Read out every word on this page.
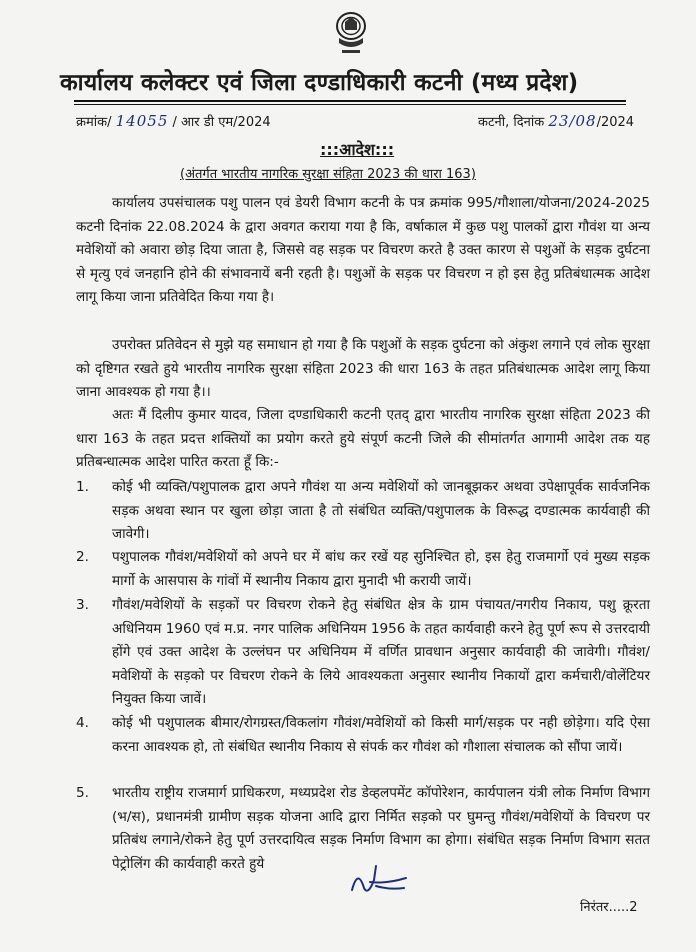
कार्यालय कलेक्टर एवं जिला दण्डाधिकारी कटनी (मध्य प्रदेश)
क्रमांक/ 14055 / आर डी एम/2024	कटनी, दिनांक 23/08/2024
:::आदेश:::
(अंतर्गत भारतीय नागरिक सुरक्षा संहिता 2023 की धारा 163)

कार्यालय उपसंचालक पशु पालन एवं डेयरी विभाग कटनी के पत्र क्रमांक 995/गौशाला/योजना/2024-2025 कटनी दिनांक 22.08.2024 के द्वारा अवगत कराया गया है कि, वर्षाकाल में कुछ पशु पालकों द्वारा गौवंश या अन्य मवेशियों को अवारा छोड़ दिया जाता है, जिससे वह सड़क पर विचरण करते है उक्त कारण से पशुओं के सड़क दुर्घटना से मृत्यु एवं जनहानि होने की संभावनायें बनी रहती है। पशुओं के सड़क पर विचरण न हो इस हेतु प्रतिबंधात्मक आदेश लागू किया जाना प्रतिवेदित किया गया है।

उपरोक्त प्रतिवेदन से मुझे यह समाधान हो गया है कि पशुओं के सड़क दुर्घटना को अंकुश लगाने एवं लोक सुरक्षा को दृष्टिगत रखते हुये भारतीय नागरिक सुरक्षा संहिता 2023 की धारा 163 के तहत प्रतिबंधात्मक आदेश लागू किया जाना आवश्यक हो गया है।।

अतः मैं दिलीप कुमार यादव, जिला दण्डाधिकारी कटनी एतद् द्वारा भारतीय नागरिक सुरक्षा संहिता 2023 की धारा 163 के तहत प्रदत्त शक्तियों का प्रयोग करते हुये संपूर्ण कटनी जिले की सीमांतर्गत आगामी आदेश तक यह प्रतिबन्धात्मक आदेश पारित करता हूँ कि:-

1.	कोई भी व्यक्ति/पशुपालक द्वारा अपने गौवंश या अन्य मवेशियों को जानबूझकर अथवा उपेक्षापूर्वक सार्वजनिक सड़क अथवा स्थान पर खुला छोड़ा जाता है तो संबंधित व्यक्ति/पशुपालक के विरूद्ध दण्डात्मक कार्यवाही की जावेगी।
2.	पशुपालक गौवंश/मवेशियों को अपने घर में बांध कर रखें यह सुनिश्चित हो, इस हेतु राजमार्गो एवं मुख्य सड़क मार्गो के आसपास के गांवों में स्थानीय निकाय द्वारा मुनादी भी करायी जायें।
3.	गौवंश/मवेशियों के सड़कों पर विचरण रोकने हेतु संबंधित क्षेत्र के ग्राम पंचायत/नगरीय निकाय, पशु क्रूरता अधिनियम 1960 एवं म.प्र. नगर पालिक अधिनियम 1956 के तहत कार्यवाही करने हेतु पूर्ण रूप से उत्तरदायी होंगे एवं उक्त आदेश के उल्लंघन पर अधिनियम में वर्णित प्रावधान अनुसार कार्यवाही की जावेगी। गौवंश/मवेशियों के सड़को पर विचरण रोकने के लिये आवश्यकता अनुसार स्थानीय निकायों द्वारा कर्मचारी/वोलेंटियर नियुक्त किया जावें।
4.	कोई भी पशुपालक बीमार/रोगग्रस्त/विकलांग गौवंश/मवेशियों को किसी मार्ग/सड़क पर नही छोड़ेगा। यदि ऐसा करना आवश्यक हो, तो संबंधित स्थानीय निकाय से संपर्क कर गौवंश को गौशाला संचालक को सौंपा जायें।
5.	भारतीय राष्ट्रीय राजमार्ग प्राधिकरण, मध्यप्रदेश रोड डेव्हलपमेंट कॉपोरेशन, कार्यपालन यंत्री लोक निर्माण विभाग (भ/स), प्रधानमंत्री ग्रामीण सड़क योजना आदि द्वारा निर्मित सड़को पर घुमन्तु गौवंश/मवेशियों के विचरण पर प्रतिबंध लगाने/रोकने हेतु पूर्ण उत्तरदायित्व सड़क निर्माण विभाग का होगा। संबंधित सड़क निर्माण विभाग सतत पेट्रोलिंग की कार्यवाही करते हुये
निरंतर.....2
